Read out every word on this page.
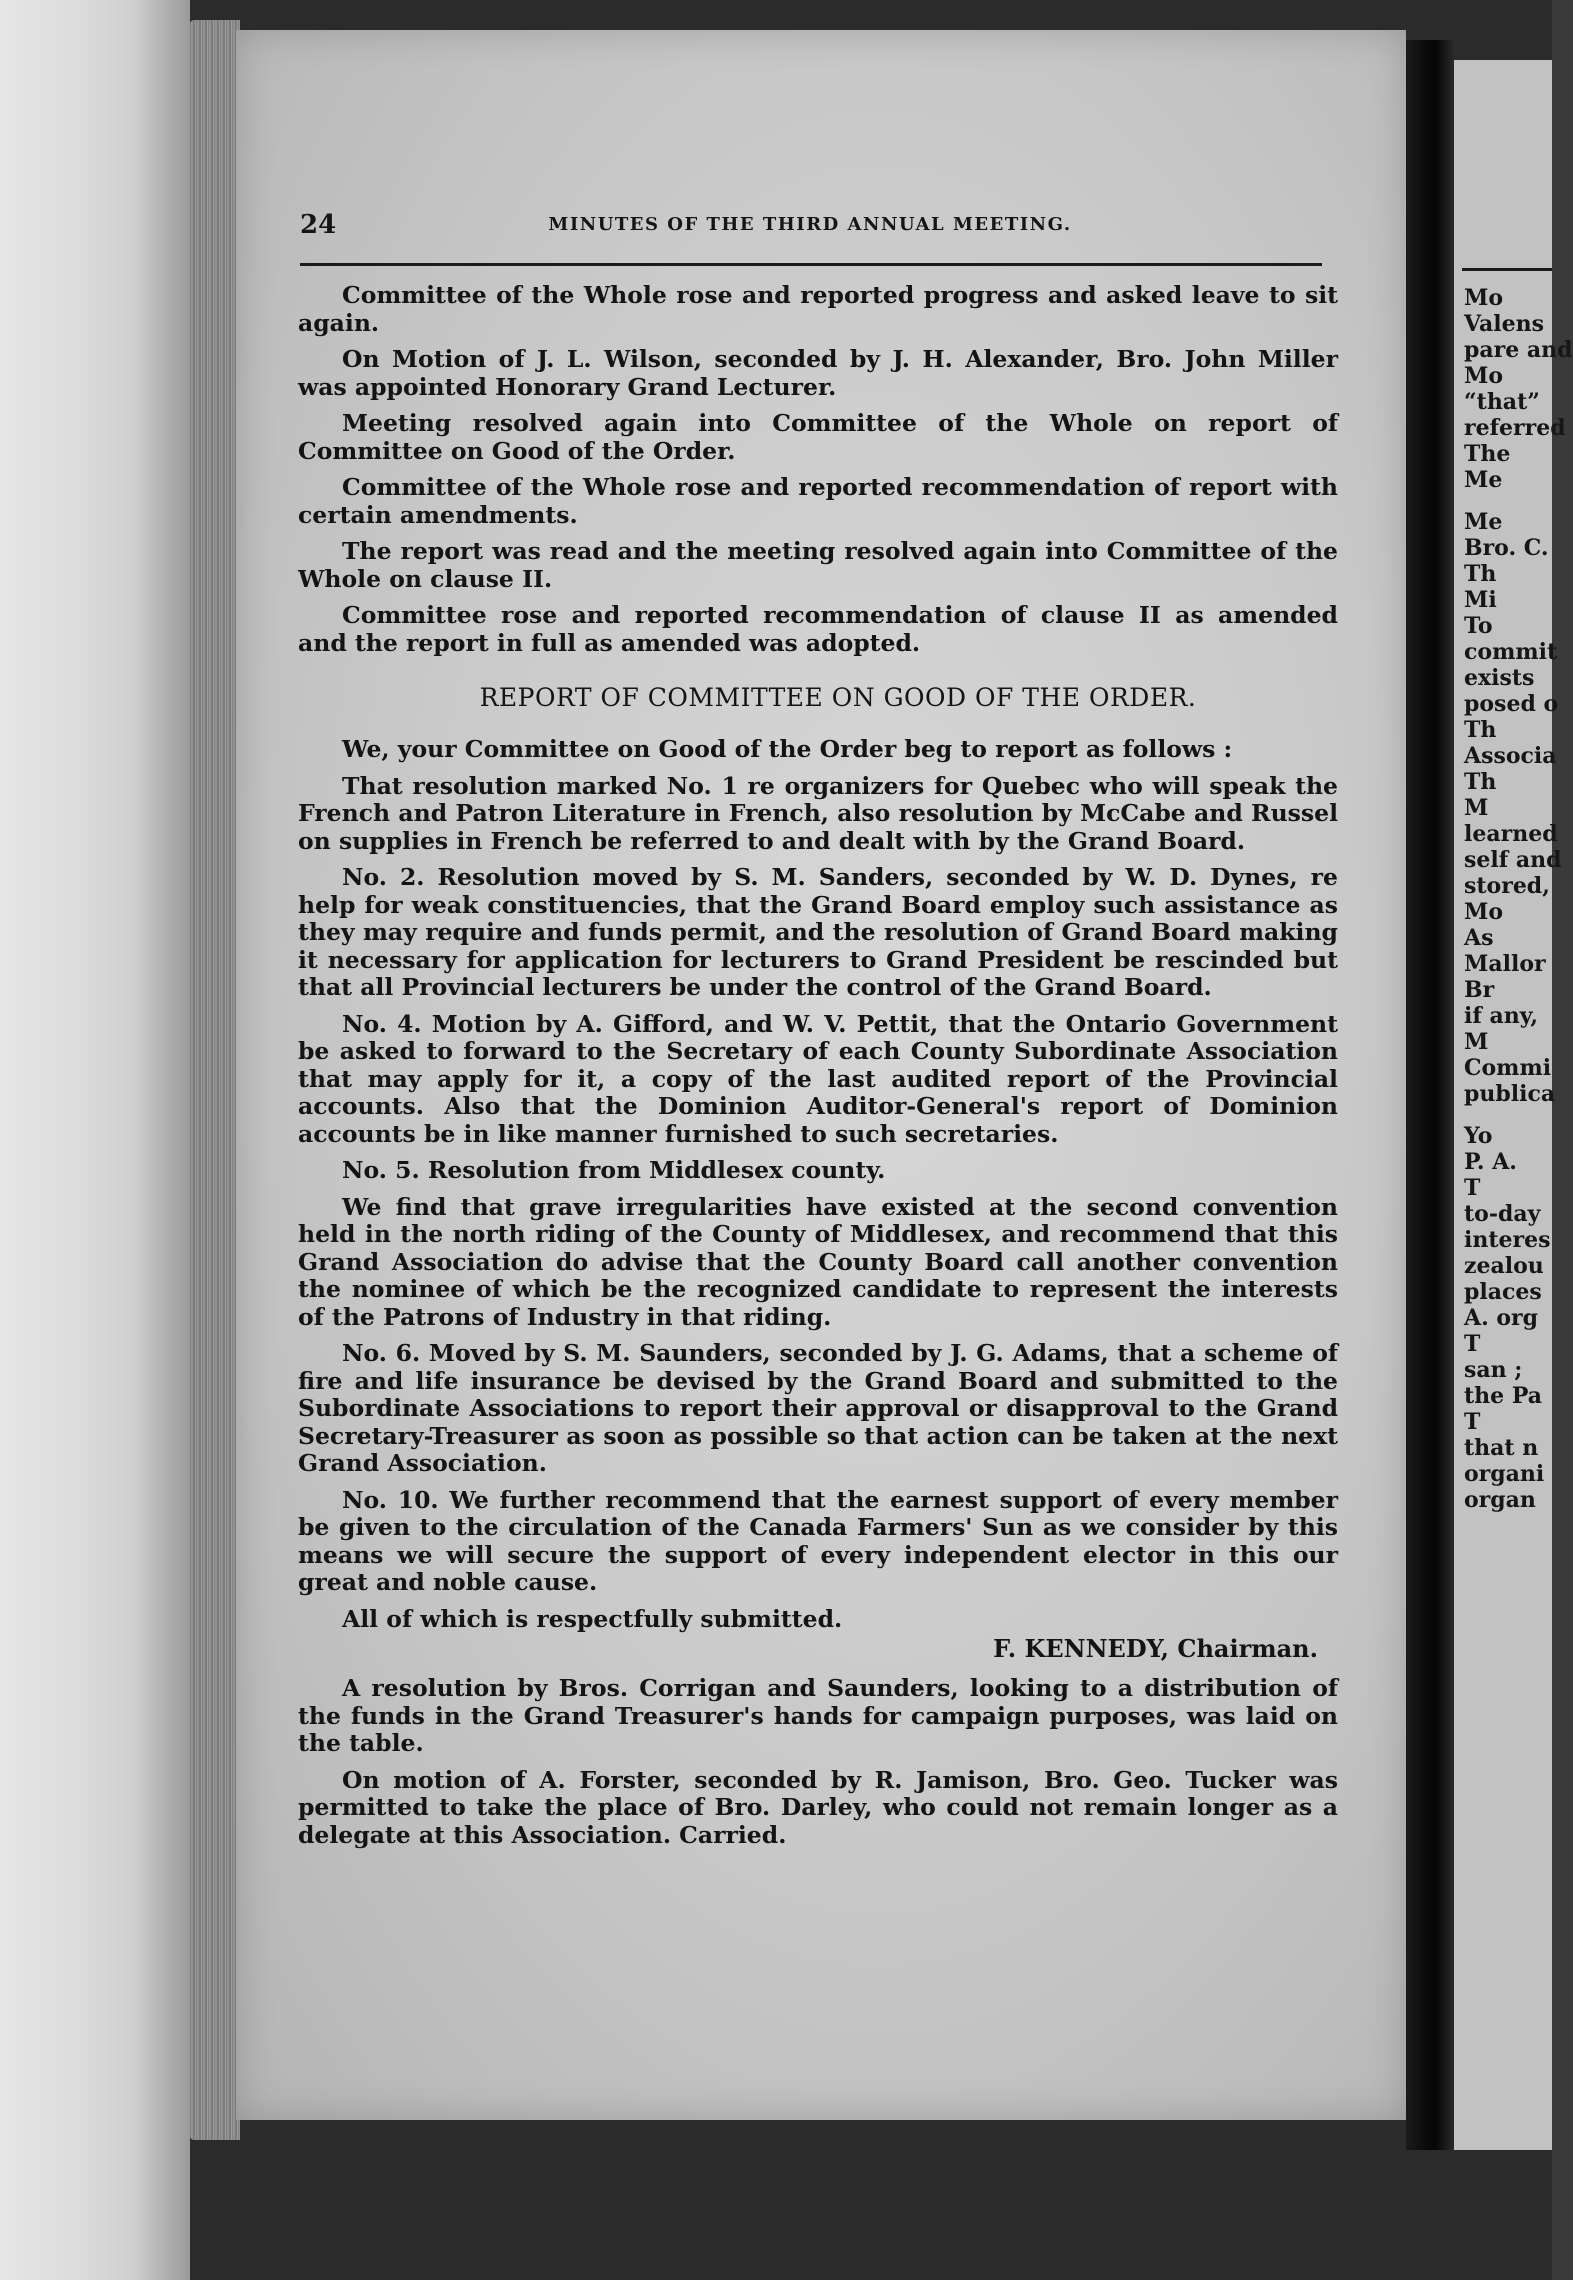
24	MINUTES OF THE THIRD ANNUAL MEETING.

Committee of the Whole rose and reported progress and asked leave to sit again.

On Motion of J. L. Wilson, seconded by J. H. Alexander, Bro. John Miller was appointed Honorary Grand Lecturer.

Meeting resolved again into Committee of the Whole on report of Committee on Good of the Order.

Committee of the Whole rose and reported recommendation of report with certain amendments.

The report was read and the meeting resolved again into Committee of the Whole on clause II.

Committee rose and reported recommendation of clause II as amended and the report in full as amended was adopted.

REPORT OF COMMITTEE ON GOOD OF THE ORDER.

We, your Committee on Good of the Order beg to report as follows :

That resolution marked No. 1 re organizers for Quebec who will speak the French and Patron Literature in French, also resolution by McCabe and Russel on supplies in French be referred to and dealt with by the Grand Board.

No. 2. Resolution moved by S. M. Sanders, seconded by W. D. Dynes, re help for weak constituencies, that the Grand Board employ such assistance as they may require and funds permit, and the resolution of Grand Board making it necessary for application for lecturers to Grand President be rescinded but that all Provincial lecturers be under the control of the Grand Board.

No. 4. Motion by A. Gifford, and W. V. Pettit, that the Ontario Government be asked to forward to the Secretary of each County Subordinate Association that may apply for it, a copy of the last audited report of the Provincial accounts. Also that the Dominion Auditor-General's report of Dominion accounts be in like manner furnished to such secretaries.

No. 5. Resolution from Middlesex county.

We find that grave irregularities have existed at the second convention held in the north riding of the County of Middlesex, and recommend that this Grand Association do advise that the County Board call another convention the nominee of which be the recognized candidate to represent the interests of the Patrons of Industry in that riding.

No. 6. Moved by S. M. Saunders, seconded by J. G. Adams, that a scheme of fire and life insurance be devised by the Grand Board and submitted to the Subordinate Associations to report their approval or disapproval to the Grand Secretary-Treasurer as soon as possible so that action can be taken at the next Grand Association.

No. 10. We further recommend that the earnest support of every member be given to the circulation of the Canada Farmers' Sun as we consider by this means we will secure the support of every independent elector in this our great and noble cause.

All of which is respectfully submitted.

F. KENNEDY, Chairman.

A resolution by Bros. Corrigan and Saunders, looking to a distribution of the funds in the Grand Treasurer's hands for campaign purposes, was laid on the table.

On motion of A. Forster, seconded by R. Jamison, Bro. Geo. Tucker was permitted to take the place of Bro. Darley, who could not remain longer as a delegate at this Association. Carried.

Mo
Valens
pare and
Mo
“that”
referred
The
Me
Me
Bro. C.
Th
Mi
To
commit
exists
posed o
Th
Associa
Th
M
learned
self and
stored,
Mo
As
Mallor
Br
if any,
M
Commi
publica
Yo
P. A.
T
to-day
interes
zealou
places
A. org
T
san ;
the Pa
T
that n
organi
organ
